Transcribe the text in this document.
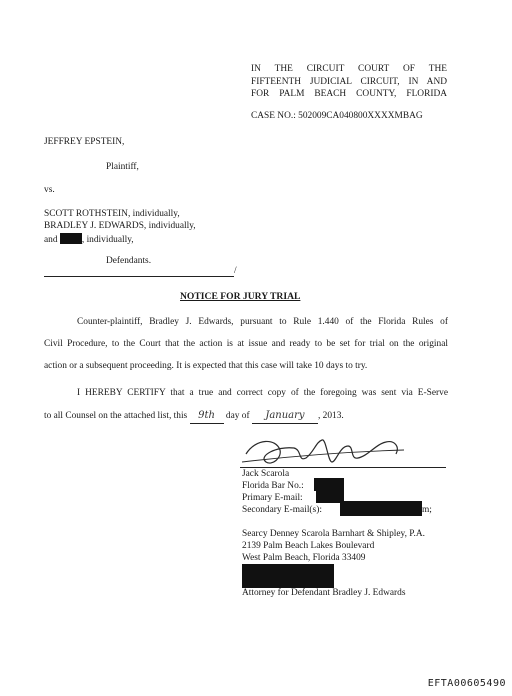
IN THE CIRCUIT COURT OF THE
FIFTEENTH JUDICIAL CIRCUIT, IN AND
FOR PALM BEACH COUNTY, FLORIDA
CASE NO.: 502009CA040800XXXXMBAG
JEFFREY EPSTEIN,
Plaintiff,
vs.
SCOTT ROTHSTEIN, individually,
BRADLEY J. EDWARDS, individually,
and	, individually,
Defendants.
/
NOTICE FOR JURY TRIAL
Counter-plaintiff, Bradley J. Edwards, pursuant to Rule 1.440 of the Florida Rules of
Civil Procedure, to the Court that the action is at issue and ready to be set for trial on the original
action or a subsequent proceeding. It is expected that this case will take 10 days to try.
I HEREBY CERTIFY that a true and correct copy of the foregoing was sent via E-Serve
to all Counsel on the attached list, this 9th day of January , 2013.
Jack Scarola
Florida Bar No.:
Primary E-mail:
Secondary E-mail(s):	m;
Searcy Denney Scarola Barnhart & Shipley, P.A.
2139 Palm Beach Lakes Boulevard
West Palm Beach, Florida 33409
Attorney for Defendant Bradley J. Edwards
EFTA00605490
